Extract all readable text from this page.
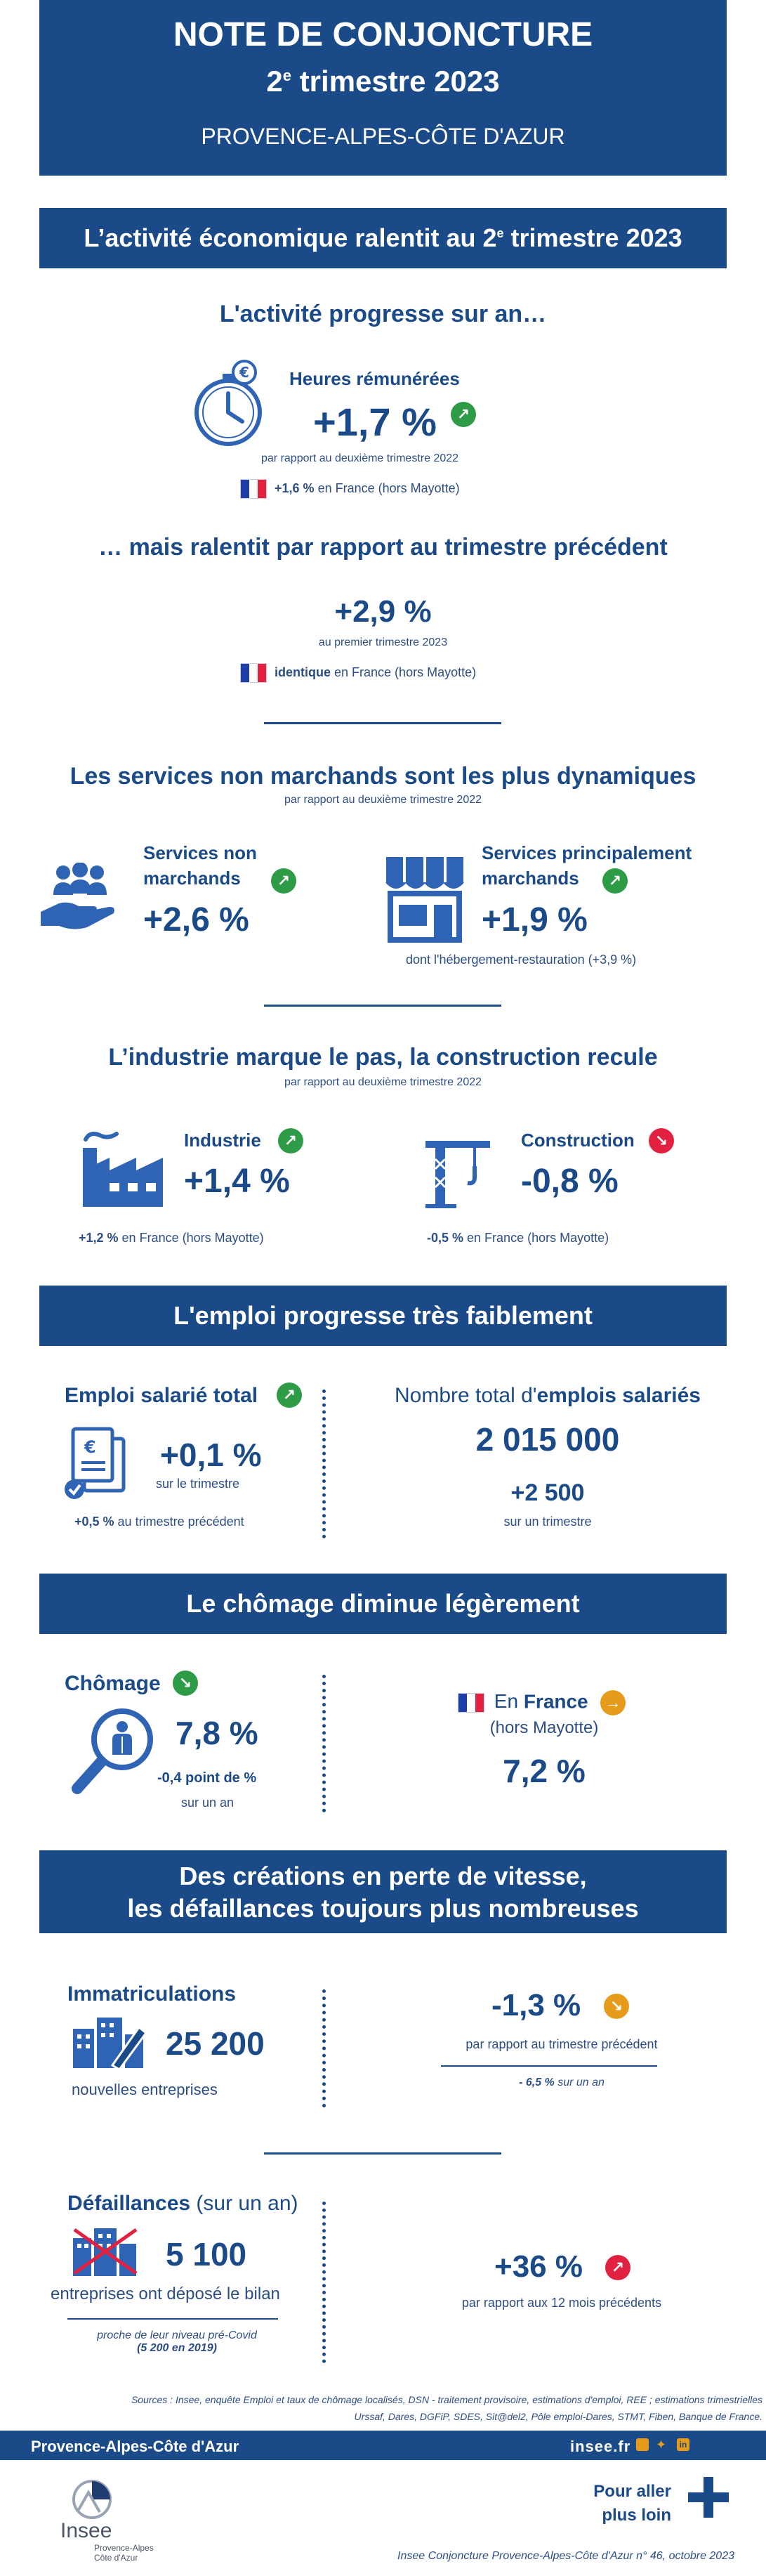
NOTE DE CONJONCTURE
2e trimestre 2023
PROVENCE-ALPES-CÔTE D'AZUR
L’activité économique ralentit au 2e trimestre 2023
L'activité progresse sur an…
€ Heures rémunérées
+1,7 %	↗
par rapport au deuxième trimestre 2022
+1,6 % en France (hors Mayotte)
… mais ralentit par rapport au trimestre précédent
+2,9 %
au premier trimestre 2023
identique en France (hors Mayotte)
Les services non marchands sont les plus dynamiques
par rapport au deuxième trimestre 2022
Services non
marchands	↗
+2,6 %
Services principalement
marchands	↗
+1,9 %
dont l'hébergement-restauration (+3,9 %)
L’industrie marque le pas, la construction recule
par rapport au deuxième trimestre 2022
Industrie	↗
+1,4 %
+1,2 % en France (hors Mayotte)
Construction	↘
-0,8 %
-0,5 % en France (hors Mayotte)
L'emploi progresse très faiblement
Emploi salarié total	↗
€ +0,1 %
sur le trimestre
+0,5 % au trimestre précédent
Nombre total d'emplois salariés
2 015 000
+2 500
sur un trimestre
Le chômage diminue légèrement
Chômage	↘
7,8 %
-0,4 point de %
sur un an
En France →
(hors Mayotte)
7,2 %
Des créations en perte de vitesse,
les défaillances toujours plus nombreuses
Immatriculations
25 200
nouvelles entreprises
-1,3 %	↘
par rapport au trimestre précédent
- 6,5 % sur un an
Défaillances (sur un an)
5 100
entreprises ont déposé le bilan
proche de leur niveau pré-Covid
(5 200 en 2019)
+36 %	↗
par rapport aux 12 mois précédents
Sources : Insee, enquête Emploi et taux de chômage localisés, DSN - traitement provisoire, estimations d'emploi, REE ; estimations trimestrielles
Urssaf, Dares, DGFiP, SDES, Sit@del2, Pôle emploi-Dares, STMT, Fiben, Banque de France.
Provence-Alpes-Côte d'Azur	insee.fr ✦	in
Insee
Provence-Alpes
Côte d'Azur
Pour aller
plus loin
Insee Conjoncture Provence-Alpes-Côte d'Azur n° 46, octobre 2023
